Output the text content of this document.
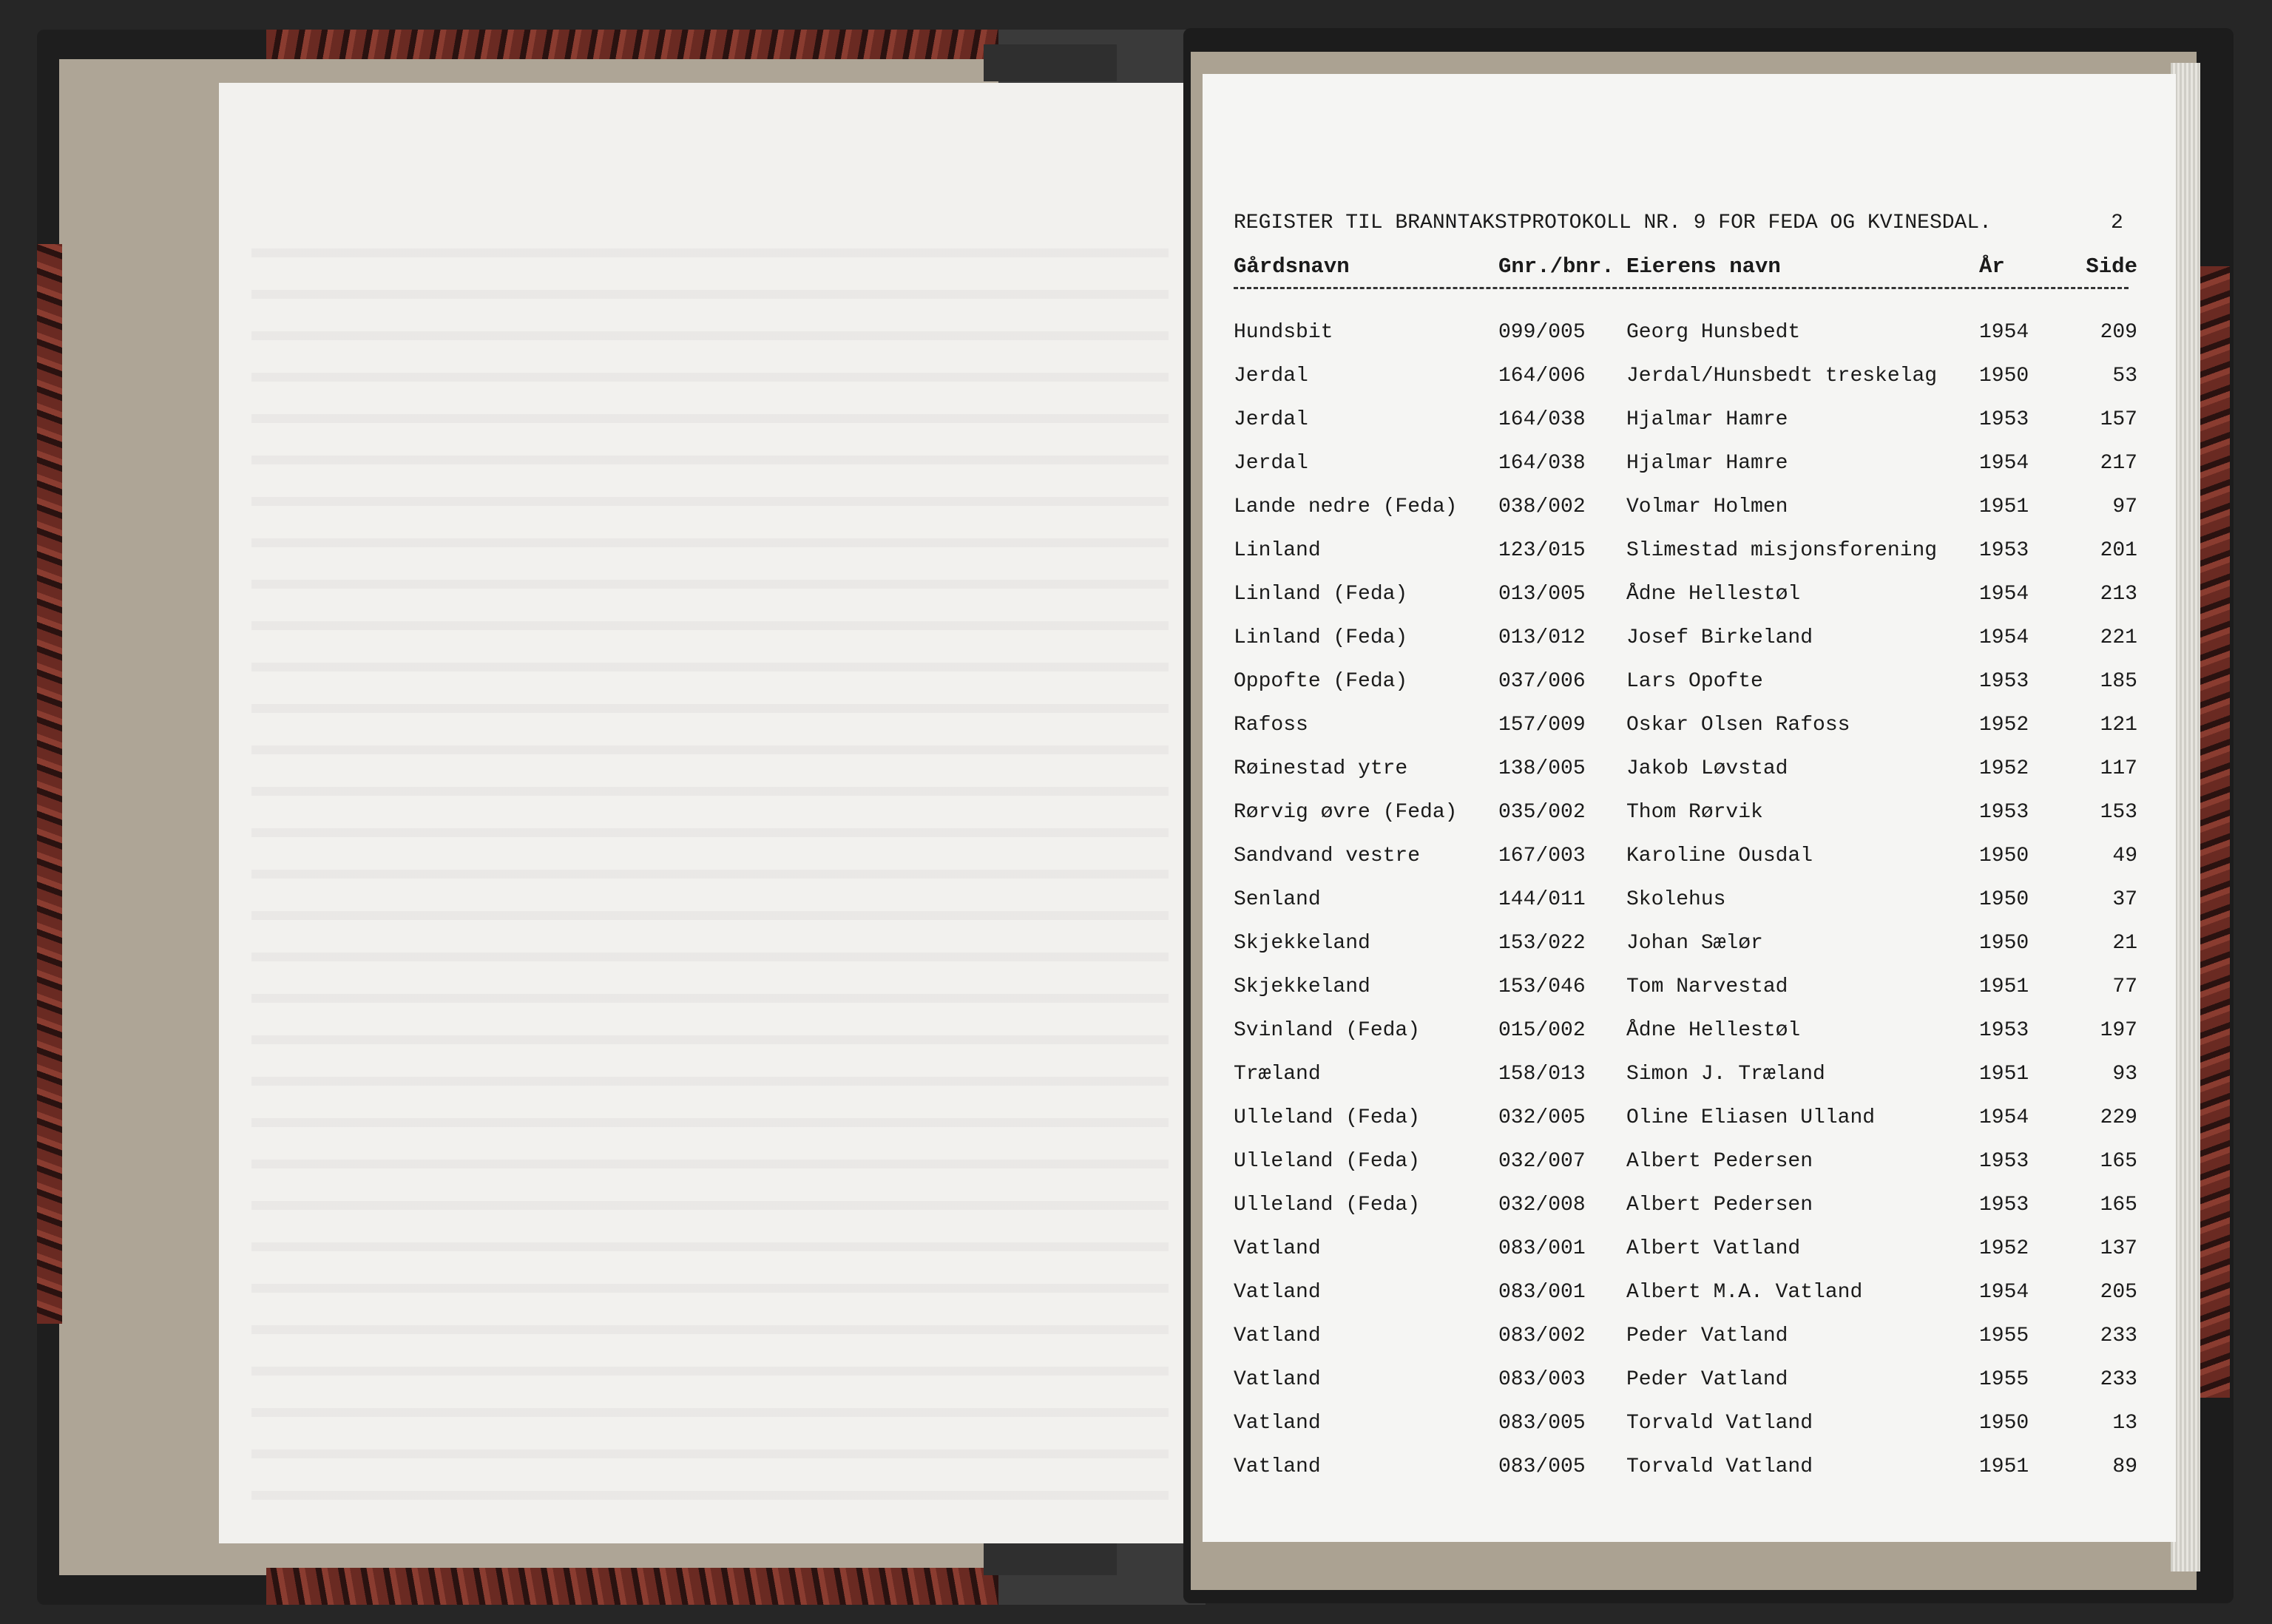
REGISTER TIL BRANNTAKSTPROTOKOLL NR. 9 FOR FEDA OG KVINESDAL.	2
Gårdsnavn	Gnr./bnr. Eierens navn	År	Side
Hundsbit	099/005 Georg Hunsbedt	1954	209
Jerdal	164/006 Jerdal/Hunsbedt treskelag 1950	53
Jerdal	164/038 Hjalmar Hamre	1953	157
Jerdal	164/038 Hjalmar Hamre	1954	217
Lande nedre (Feda) 038/002 Volmar Holmen	1951	97
Linland	123/015 Slimestad misjonsforening 1953	201
Linland (Feda)	013/005 Ådne Hellestøl	1954	213
Linland (Feda)	013/012 Josef Birkeland	1954	221
Oppofte (Feda)	037/006 Lars Opofte	1953	185
Rafoss	157/009 Oskar Olsen Rafoss	1952	121
Røinestad ytre	138/005 Jakob Løvstad	1952	117
Rørvig øvre (Feda) 035/002 Thom Rørvik	1953	153
Sandvand vestre	167/003 Karoline Ousdal	1950	49
Senland	144/011 Skolehus	1950	37
Skjekkeland	153/022 Johan Sælør	1950	21
Skjekkeland	153/046 Tom Narvestad	1951	77
Svinland (Feda)	015/002 Ådne Hellestøl	1953	197
Træland	158/013 Simon J. Træland	1951	93
Ulleland (Feda)	032/005 Oline Eliasen Ulland	1954	229
Ulleland (Feda)	032/007 Albert Pedersen	1953	165
Ulleland (Feda)	032/008 Albert Pedersen	1953	165
Vatland	083/001 Albert Vatland	1952	137
Vatland	083/001 Albert M.A. Vatland	1954	205
Vatland	083/002 Peder Vatland	1955	233
Vatland	083/003 Peder Vatland	1955	233
Vatland	083/005 Torvald Vatland	1950	13
Vatland	083/005 Torvald Vatland	1951	89
